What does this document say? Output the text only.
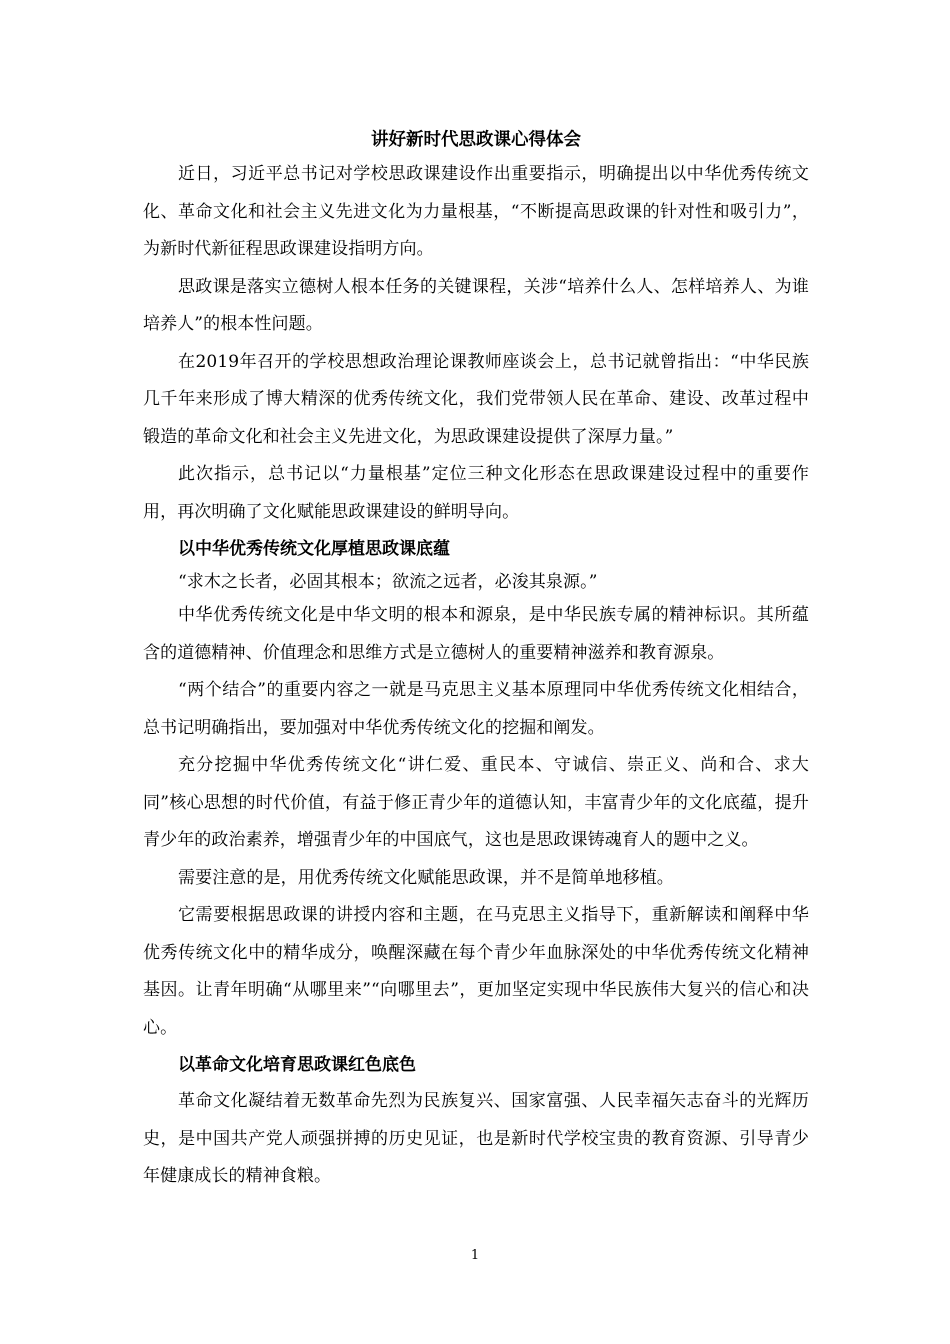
讲好新时代思政课心得体会

近日，习近平总书记对学校思政课建设作出重要指示，明确提出以中华优秀传统文化、革命文化和社会主义先进文化为力量根基，“不断提高思政课的针对性和吸引力”，为新时代新征程思政课建设指明方向。

思政课是落实立德树人根本任务的关键课程，关涉“培养什么人、怎样培养人、为谁培养人”的根本性问题。

在2019年召开的学校思想政治理论课教师座谈会上，总书记就曾指出：“中华民族几千年来形成了博大精深的优秀传统文化，我们党带领人民在革命、建设、改革过程中锻造的革命文化和社会主义先进文化，为思政课建设提供了深厚力量。”

此次指示，总书记以“力量根基”定位三种文化形态在思政课建设过程中的重要作用，再次明确了文化赋能思政课建设的鲜明导向。

以中华优秀传统文化厚植思政课底蕴

“求木之长者，必固其根本；欲流之远者，必浚其泉源。”

中华优秀传统文化是中华文明的根本和源泉，是中华民族专属的精神标识。其所蕴含的道德精神、价值理念和思维方式是立德树人的重要精神滋养和教育源泉。

“两个结合”的重要内容之一就是马克思主义基本原理同中华优秀传统文化相结合，总书记明确指出，要加强对中华优秀传统文化的挖掘和阐发。

充分挖掘中华优秀传统文化“讲仁爱、重民本、守诚信、崇正义、尚和合、求大同”核心思想的时代价值，有益于修正青少年的道德认知，丰富青少年的文化底蕴，提升青少年的政治素养，增强青少年的中国底气，这也是思政课铸魂育人的题中之义。

需要注意的是，用优秀传统文化赋能思政课，并不是简单地移植。

它需要根据思政课的讲授内容和主题，在马克思主义指导下，重新解读和阐释中华优秀传统文化中的精华成分，唤醒深藏在每个青少年血脉深处的中华优秀传统文化精神基因。让青年明确“从哪里来”“向哪里去”，更加坚定实现中华民族伟大复兴的信心和决心。

以革命文化培育思政课红色底色

革命文化凝结着无数革命先烈为民族复兴、国家富强、人民幸福矢志奋斗的光辉历史，是中国共产党人顽强拼搏的历史见证，也是新时代学校宝贵的教育资源、引导青少年健康成长的精神食粮。

1
